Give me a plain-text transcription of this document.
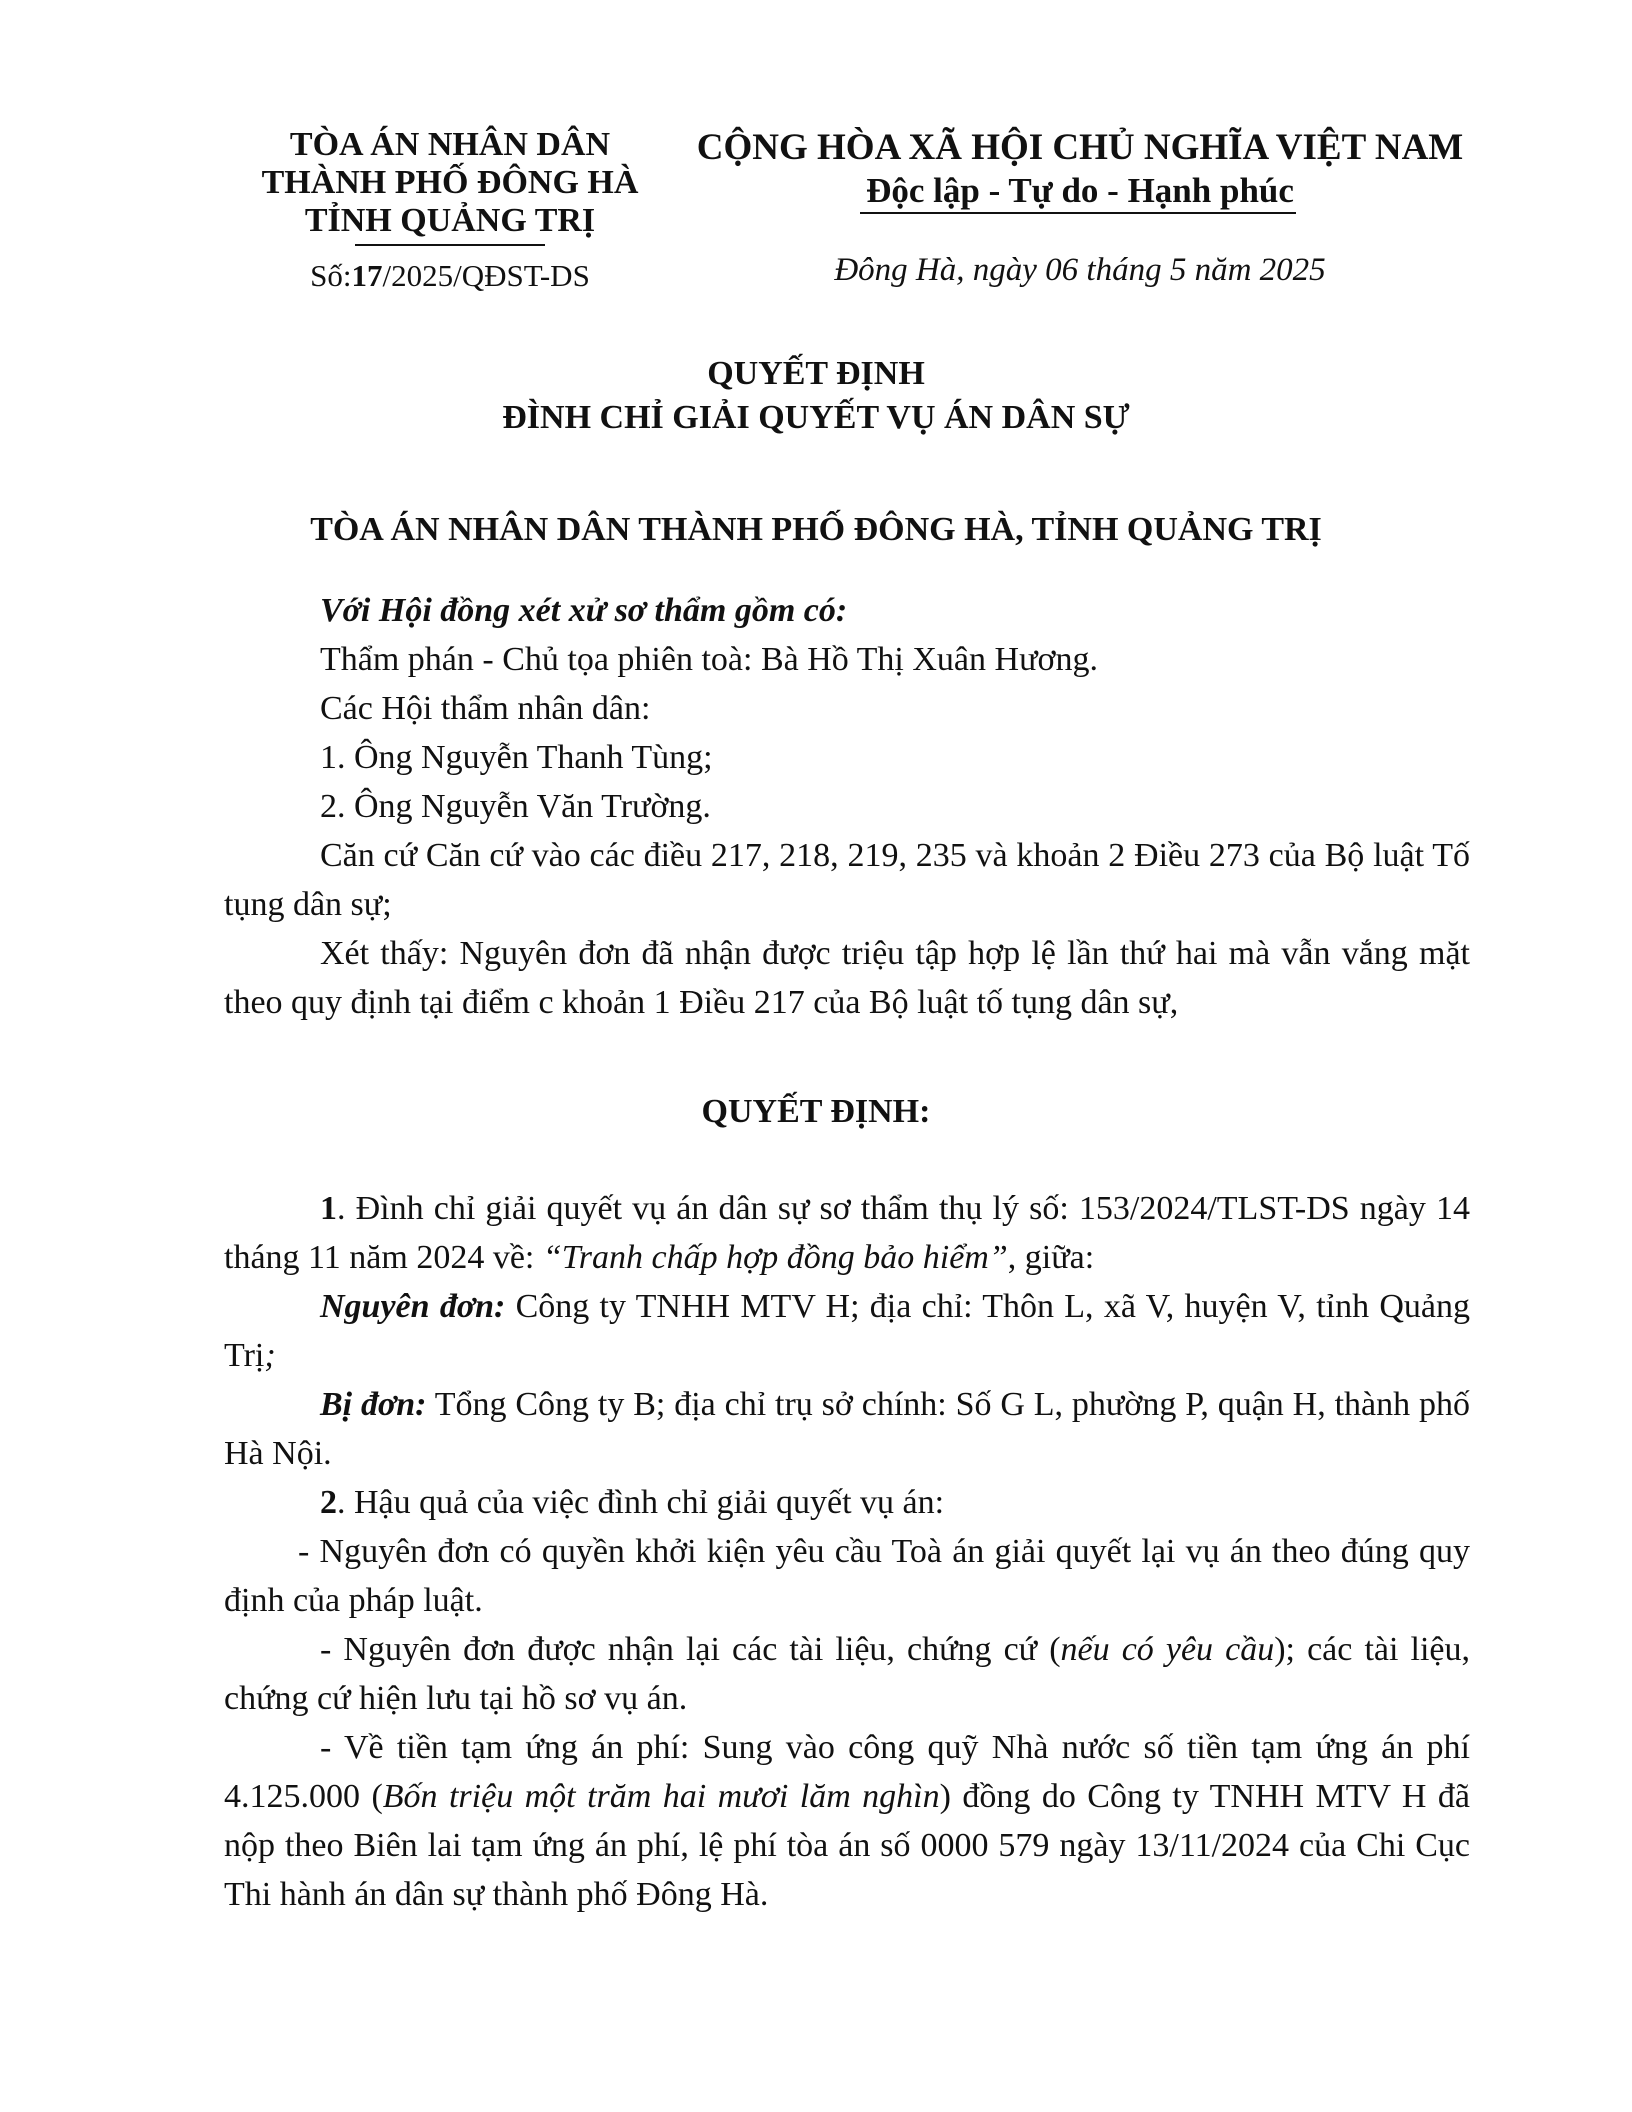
TÒA ÁN NHÂN DÂN
THÀNH PHỐ ĐÔNG HÀ
TỈNH QUẢNG TRỊ
Số:17/2025/QĐST-DS
CỘNG HÒA XÃ HỘI CHỦ NGHĨA VIỆT NAM
Độc lập - Tự do - Hạnh phúc
Đông Hà, ngày 06 tháng 5 năm 2025
QUYẾT ĐỊNH
ĐÌNH CHỈ GIẢI QUYẾT VỤ ÁN DÂN SỰ
TÒA ÁN NHÂN DÂN THÀNH PHỐ ĐÔNG HÀ, TỈNH QUẢNG TRỊ

Với Hội đồng xét xử sơ thẩm gồm có:

Thẩm phán - Chủ tọa phiên toà: Bà Hồ Thị Xuân Hương.

Các Hội thẩm nhân dân:

1. Ông Nguyễn Thanh Tùng;

2. Ông Nguyễn Văn Trường.

Căn cứ Căn cứ vào các điều 217, 218, 219, 235 và khoản 2 Điều 273 của Bộ luật Tố tụng dân sự;

Xét thấy: Nguyên đơn đã nhận được triệu tập hợp lệ lần thứ hai mà vẫn vắng mặt theo quy định tại điểm c khoản 1 Điều 217 của Bộ luật tố tụng dân sự,

QUYẾT ĐỊNH:

1. Đình chỉ giải quyết vụ án dân sự sơ thẩm thụ lý số: 153/2024/TLST-DS ngày 14 tháng 11 năm 2024 về: “Tranh chấp hợp đồng bảo hiểm”, giữa:

Nguyên đơn: Công ty TNHH MTV H; địa chỉ: Thôn L, xã V, huyện V, tỉnh Quảng Trị;

Bị đơn: Tổng Công ty B; địa chỉ trụ sở chính: Số G L, phường P, quận H, thành phố Hà Nội.

2. Hậu quả của việc đình chỉ giải quyết vụ án:

- Nguyên đơn có quyền khởi kiện yêu cầu Toà án giải quyết lại vụ án theo đúng quy định của pháp luật.

- Nguyên đơn được nhận lại các tài liệu, chứng cứ (nếu có yêu cầu); các tài liệu, chứng cứ hiện lưu tại hồ sơ vụ án.

- Về tiền tạm ứng án phí: Sung vào công quỹ Nhà nước số tiền tạm ứng án phí 4.125.000 (Bốn triệu một trăm hai mươi lăm nghìn) đồng do Công ty TNHH MTV H đã nộp theo Biên lai tạm ứng án phí, lệ phí tòa án số 0000 579 ngày 13/11/2024 của Chi Cục Thi hành án dân sự thành phố Đông Hà.
